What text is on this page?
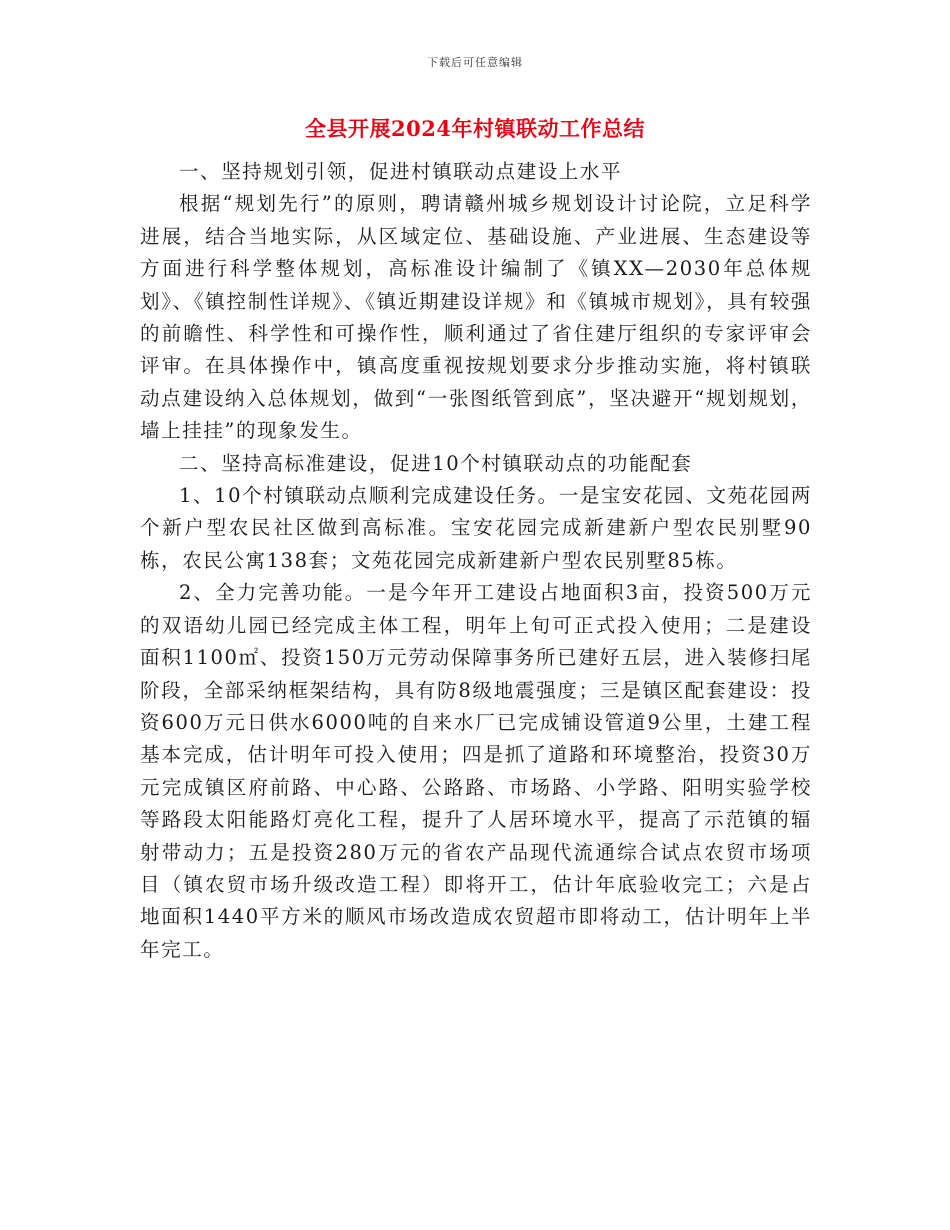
下载后可任意编辑
全县开展2024年村镇联动工作总结

一、坚持规划引领，促进村镇联动点建设上水平

根据“规划先行”的原则，聘请赣州城乡规划设计讨论院，立足科学进展，结合当地实际，从区域定位、基础设施、产业进展、生态建设等方面进行科学整体规划，高标准设计编制了《镇XX—2030年总体规划》、《镇控制性详规》、《镇近期建设详规》和《镇城市规划》，具有较强的前瞻性、科学性和可操作性，顺利通过了省住建厅组织的专家评审会评审。在具体操作中，镇高度重视按规划要求分步推动实施，将村镇联动点建设纳入总体规划，做到“一张图纸管到底”，坚决避开“规划规划，墙上挂挂”的现象发生。

二、坚持高标准建设，促进10个村镇联动点的功能配套

1、10个村镇联动点顺利完成建设任务。一是宝安花园、文苑花园两个新户型农民社区做到高标准。宝安花园完成新建新户型农民别墅90栋，农民公寓138套；文苑花园完成新建新户型农民别墅85栋。

2、全力完善功能。一是今年开工建设占地面积3亩，投资500万元的双语幼儿园已经完成主体工程，明年上旬可正式投入使用；二是建设面积1100㎡、投资150万元劳动保障事务所已建好五层，进入装修扫尾阶段，全部采纳框架结构，具有防8级地震强度；三是镇区配套建设：投资600万元日供水6000吨的自来水厂已完成铺设管道9公里，土建工程基本完成，估计明年可投入使用；四是抓了道路和环境整治，投资30万元完成镇区府前路、中心路、公路路、市场路、小学路、阳明实验学校等路段太阳能路灯亮化工程，提升了人居环境水平，提高了示范镇的辐射带动力；五是投资280万元的省农产品现代流通综合试点农贸市场项目（镇农贸市场升级改造工程）即将开工，估计年底验收完工；六是占地面积1440平方米的顺风市场改造成农贸超市即将动工，估计明年上半年完工。
